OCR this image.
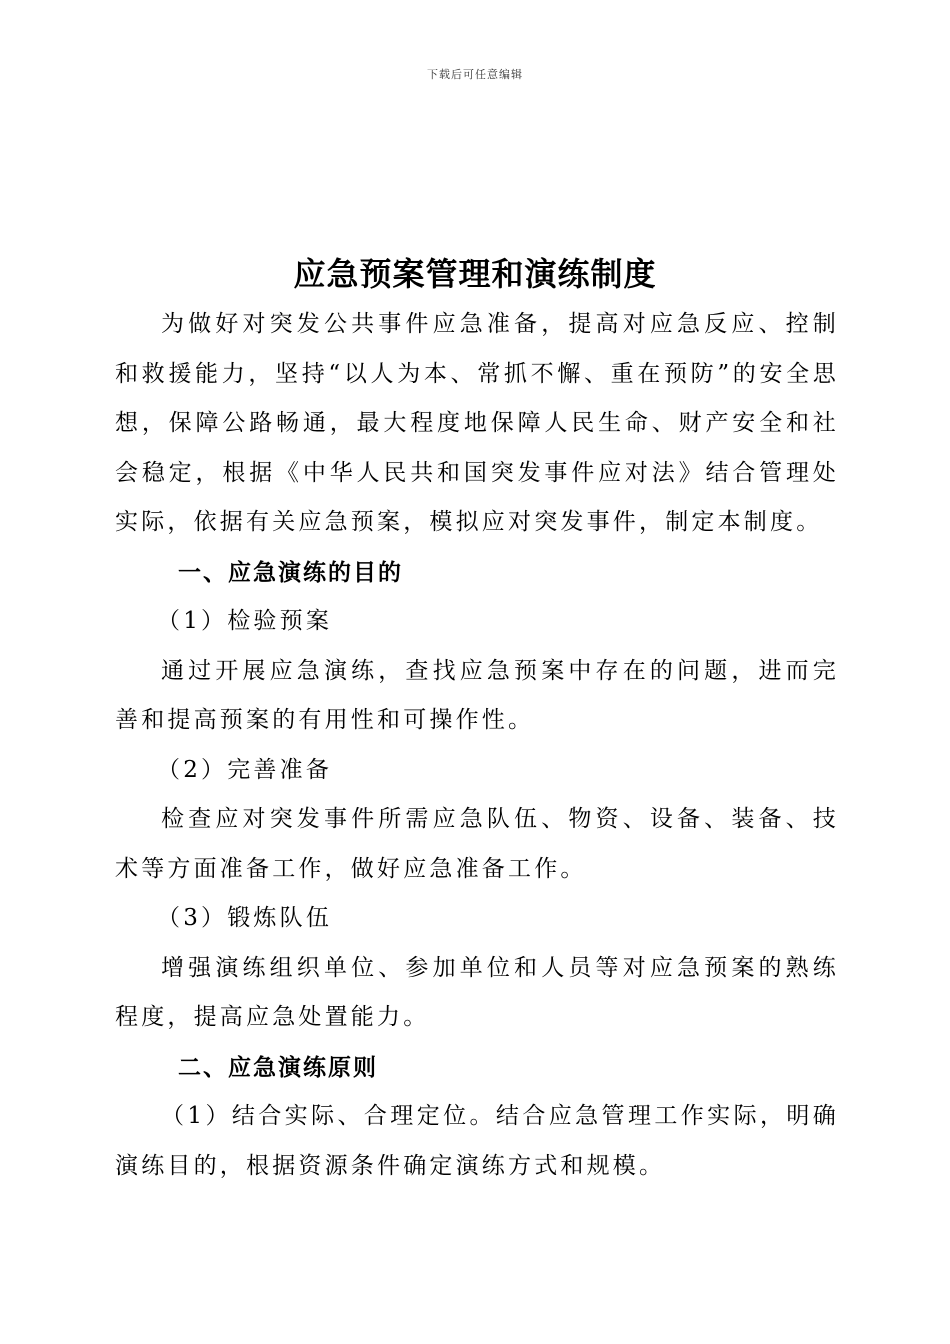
下载后可任意编辑
应急预案管理和演练制度

为做好对突发公共事件应急准备，提高对应急反应、控制和救援能力，坚持“以人为本、常抓不懈、重在预防”的安全思想，保障公路畅通，最大程度地保障人民生命、财产安全和社会稳定，根据《中华人民共和国突发事件应对法》结合管理处实际，依据有关应急预案，模拟应对突发事件，制定本制度。

一、应急演练的目的

（1）检验预案

通过开展应急演练，查找应急预案中存在的问题，进而完善和提高预案的有用性和可操作性。

（2）完善准备

检查应对突发事件所需应急队伍、物资、设备、装备、技术等方面准备工作，做好应急准备工作。

（3）锻炼队伍

增强演练组织单位、参加单位和人员等对应急预案的熟练程度，提高应急处置能力。

二、应急演练原则

（1）结合实际、合理定位。结合应急管理工作实际，明确演练目的，根据资源条件确定演练方式和规模。
